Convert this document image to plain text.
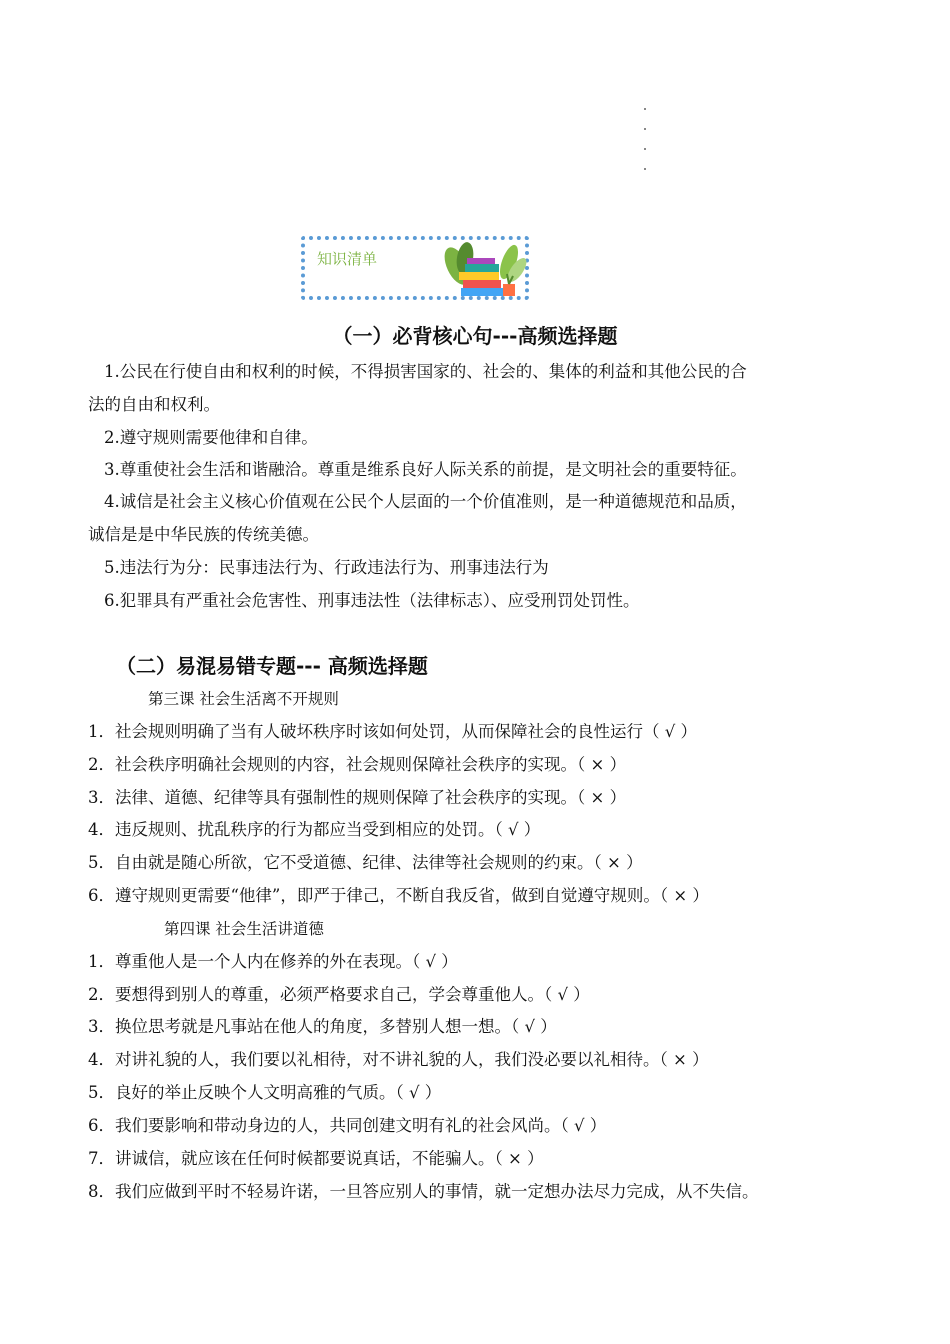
知识清单
（一）必背核心句---高频选择题
1.公民在行使自由和权利的时候，不得损害国家的、社会的、集体的利益和其他公民的合
法的自由和权利。
2.遵守规则需要他律和自律。
3.尊重使社会生活和谐融洽。尊重是维系良好人际关系的前提，是文明社会的重要特征。
4.诚信是社会主义核心价值观在公民个人层面的一个价值准则，是一种道德规范和品质，
诚信是是中华民族的传统美德。
5.违法行为分：民事违法行为、行政违法行为、刑事违法行为
6.犯罪具有严重社会危害性、刑事违法性（法律标志）、应受刑罚处罚性。
（二）易混易错专题--- 高频选择题
第三课 社会生活离不开规则
1．社会规则明确了当有人破坏秩序时该如何处罚，从而保障社会的良性运行（ √ ）
2．社会秩序明确社会规则的内容，社会规则保障社会秩序的实现。（ × ）
3．法律、道德、纪律等具有强制性的规则保障了社会秩序的实现。（ × ）
4．违反规则、扰乱秩序的行为都应当受到相应的处罚。（ √ ）
5．自由就是随心所欲，它不受道德、纪律、法律等社会规则的约束。（ × ）
6．遵守规则更需要“他律”，即严于律己，不断自我反省，做到自觉遵守规则。（ × ）
第四课 社会生活讲道德
1．尊重他人是一个人内在修养的外在表现。（ √ ）
2．要想得到别人的尊重，必须严格要求自己，学会尊重他人。（ √ ）
3．换位思考就是凡事站在他人的角度，多替别人想一想。（ √ ）
4．对讲礼貌的人，我们要以礼相待，对不讲礼貌的人，我们没必要以礼相待。（ × ）
5．良好的举止反映个人文明高雅的气质。（ √ ）
6．我们要影响和带动身边的人，共同创建文明有礼的社会风尚。（ √ ）
7．讲诚信，就应该在任何时候都要说真话，不能骗人。（ × ）
8．我们应做到平时不轻易许诺，一旦答应别人的事情，就一定想办法尽力完成，从不失信。
